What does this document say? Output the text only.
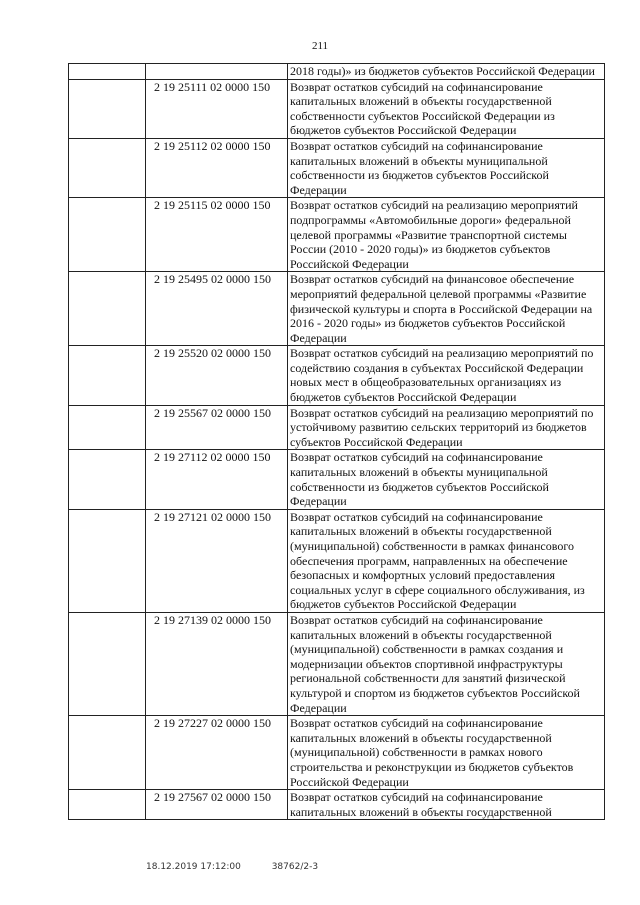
211
		2018 годы)» из бюджетов субъектов Российской Федерации
	2 19 25111 02 0000 150	Возврат остатков субсидий на софинансирование капитальных вложений в объекты государственной собственности субъектов Российской Федерации из бюджетов субъектов Российской Федерации
	2 19 25112 02 0000 150	Возврат остатков субсидий на софинансирование капитальных вложений в объекты муниципальной собственности из бюджетов субъектов Российской Федерации
	2 19 25115 02 0000 150	Возврат остатков субсидий на реализацию мероприятий подпрограммы «Автомобильные дороги» федеральной целевой программы «Развитие транспортной системы России (2010 - 2020 годы)» из бюджетов субъектов Российской Федерации
	2 19 25495 02 0000 150	Возврат остатков субсидий на финансовое обеспечение мероприятий федеральной целевой программы «Развитие физической культуры и спорта в Российской Федерации на 2016 - 2020 годы» из бюджетов субъектов Российской Федерации
	2 19 25520 02 0000 150	Возврат остатков субсидий на реализацию мероприятий по содействию создания в субъектах Российской Федерации новых мест в общеобразовательных организациях из бюджетов субъектов Российской Федерации
	2 19 25567 02 0000 150	Возврат остатков субсидий на реализацию мероприятий по устойчивому развитию сельских территорий из бюджетов субъектов Российской Федерации
	2 19 27112 02 0000 150	Возврат остатков субсидий на софинансирование капитальных вложений в объекты муниципальной собственности из бюджетов субъектов Российской Федерации
	2 19 27121 02 0000 150	Возврат остатков субсидий на софинансирование капитальных вложений в объекты государственной (муниципальной) собственности в рамках финансового обеспечения программ, направленных на обеспечение безопасных и комфортных условий предоставления социальных услуг в сфере социального обслуживания, из бюджетов субъектов Российской Федерации
	2 19 27139 02 0000 150	Возврат остатков субсидий на софинансирование капитальных вложений в объекты государственной (муниципальной) собственности в рамках создания и модернизации объектов спортивной инфраструктуры региональной собственности для занятий физической культурой и спортом из бюджетов субъектов Российской Федерации
	2 19 27227 02 0000 150	Возврат остатков субсидий на софинансирование капитальных вложений в объекты государственной (муниципальной) собственности в рамках нового строительства и реконструкции из бюджетов субъектов Российской Федерации
	2 19 27567 02 0000 150	Возврат остатков субсидий на софинансирование капитальных вложений в объекты государственной
18.12.2019 17:12:00	38762/2-3
